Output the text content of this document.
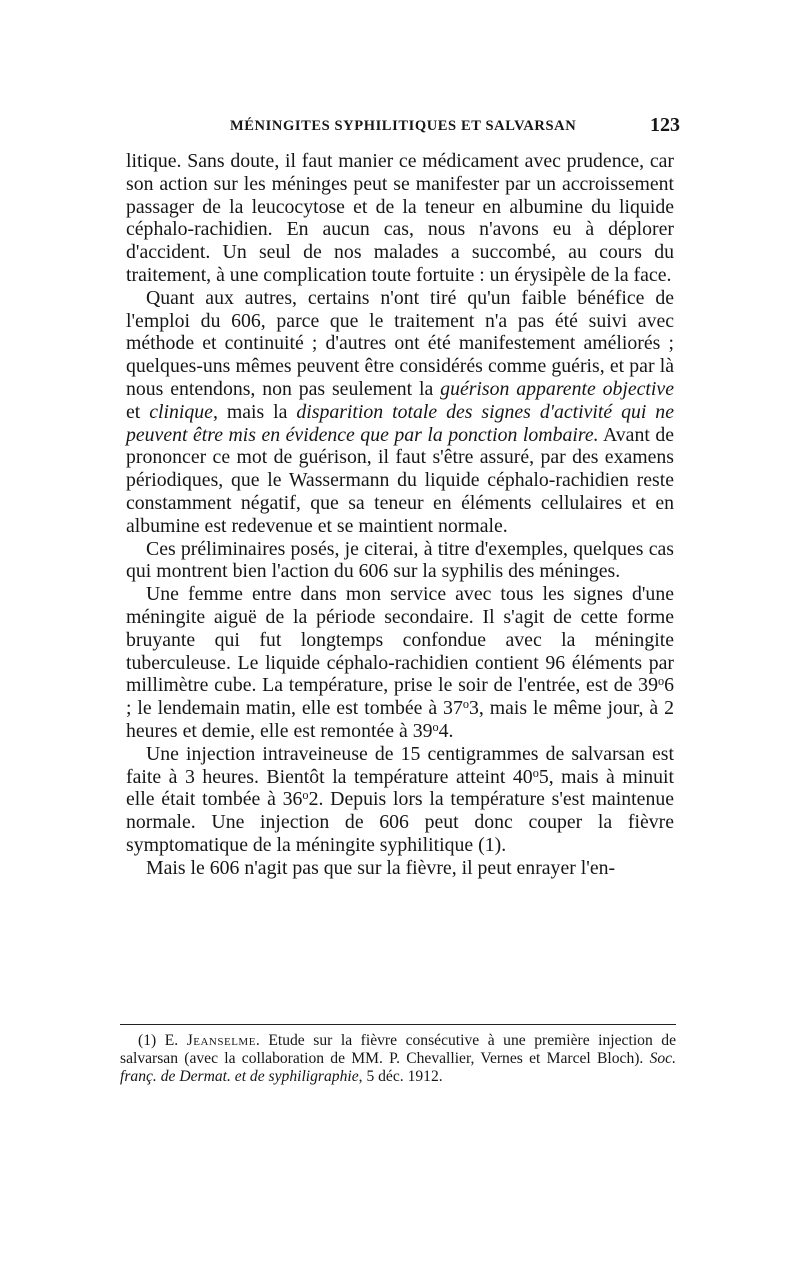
MÉNINGITES SYPHILITIQUES ET SALVARSAN	123

litique. Sans doute, il faut manier ce médicament avec prudence, car son action sur les méninges peut se manifester par un accroissement passager de la leucocytose et de la teneur en albumine du liquide céphalo-rachidien. En aucun cas, nous n'avons eu à déplorer d'accident. Un seul de nos malades a succombé, au cours du traitement, à une complication toute fortuite : un érysipèle de la face.

Quant aux autres, certains n'ont tiré qu'un faible bénéfice de l'emploi du 606, parce que le traitement n'a pas été suivi avec méthode et continuité ; d'autres ont été manifestement améliorés ; quelques-uns mêmes peuvent être considérés comme guéris, et par là nous entendons, non pas seulement la guérison apparente objective et clinique, mais la disparition totale des signes d'activité qui ne peuvent être mis en évidence que par la ponction lombaire. Avant de prononcer ce mot de guérison, il faut s'être assuré, par des examens périodiques, que le Wassermann du liquide céphalo-rachidien reste constamment négatif, que sa teneur en éléments cellulaires et en albumine est redevenue et se maintient normale.

Ces préliminaires posés, je citerai, à titre d'exemples, quelques cas qui montrent bien l'action du 606 sur la syphilis des méninges.

Une femme entre dans mon service avec tous les signes d'une méningite aiguë de la période secondaire. Il s'agit de cette forme bruyante qui fut longtemps confondue avec la méningite tuberculeuse. Le liquide céphalo-rachidien contient 96 éléments par millimètre cube. La température, prise le soir de l'entrée, est de 39$^o$6 ; le lendemain matin, elle est tombée à 37$^o$3, mais le même jour, à 2 heures et demie, elle est remontée à 39$^o$4.

Une injection intraveineuse de 15 centigrammes de salvarsan est faite à 3 heures. Bientôt la température atteint 40$^o$5, mais à minuit elle était tombée à 36$^o$2. Depuis lors la température s'est maintenue normale. Une injection de 606 peut donc couper la fièvre symptomatique de la méningite syphilitique (1).

Mais le 606 n'agit pas que sur la fièvre, il peut enrayer l'en-

(1) E. Jeanselme. Etude sur la fièvre consécutive à une première injection de salvarsan (avec la collaboration de MM. P. Chevallier, Vernes et Marcel Bloch). Soc. franç. de Dermat. et de syphiligraphie, 5 déc. 1912.
